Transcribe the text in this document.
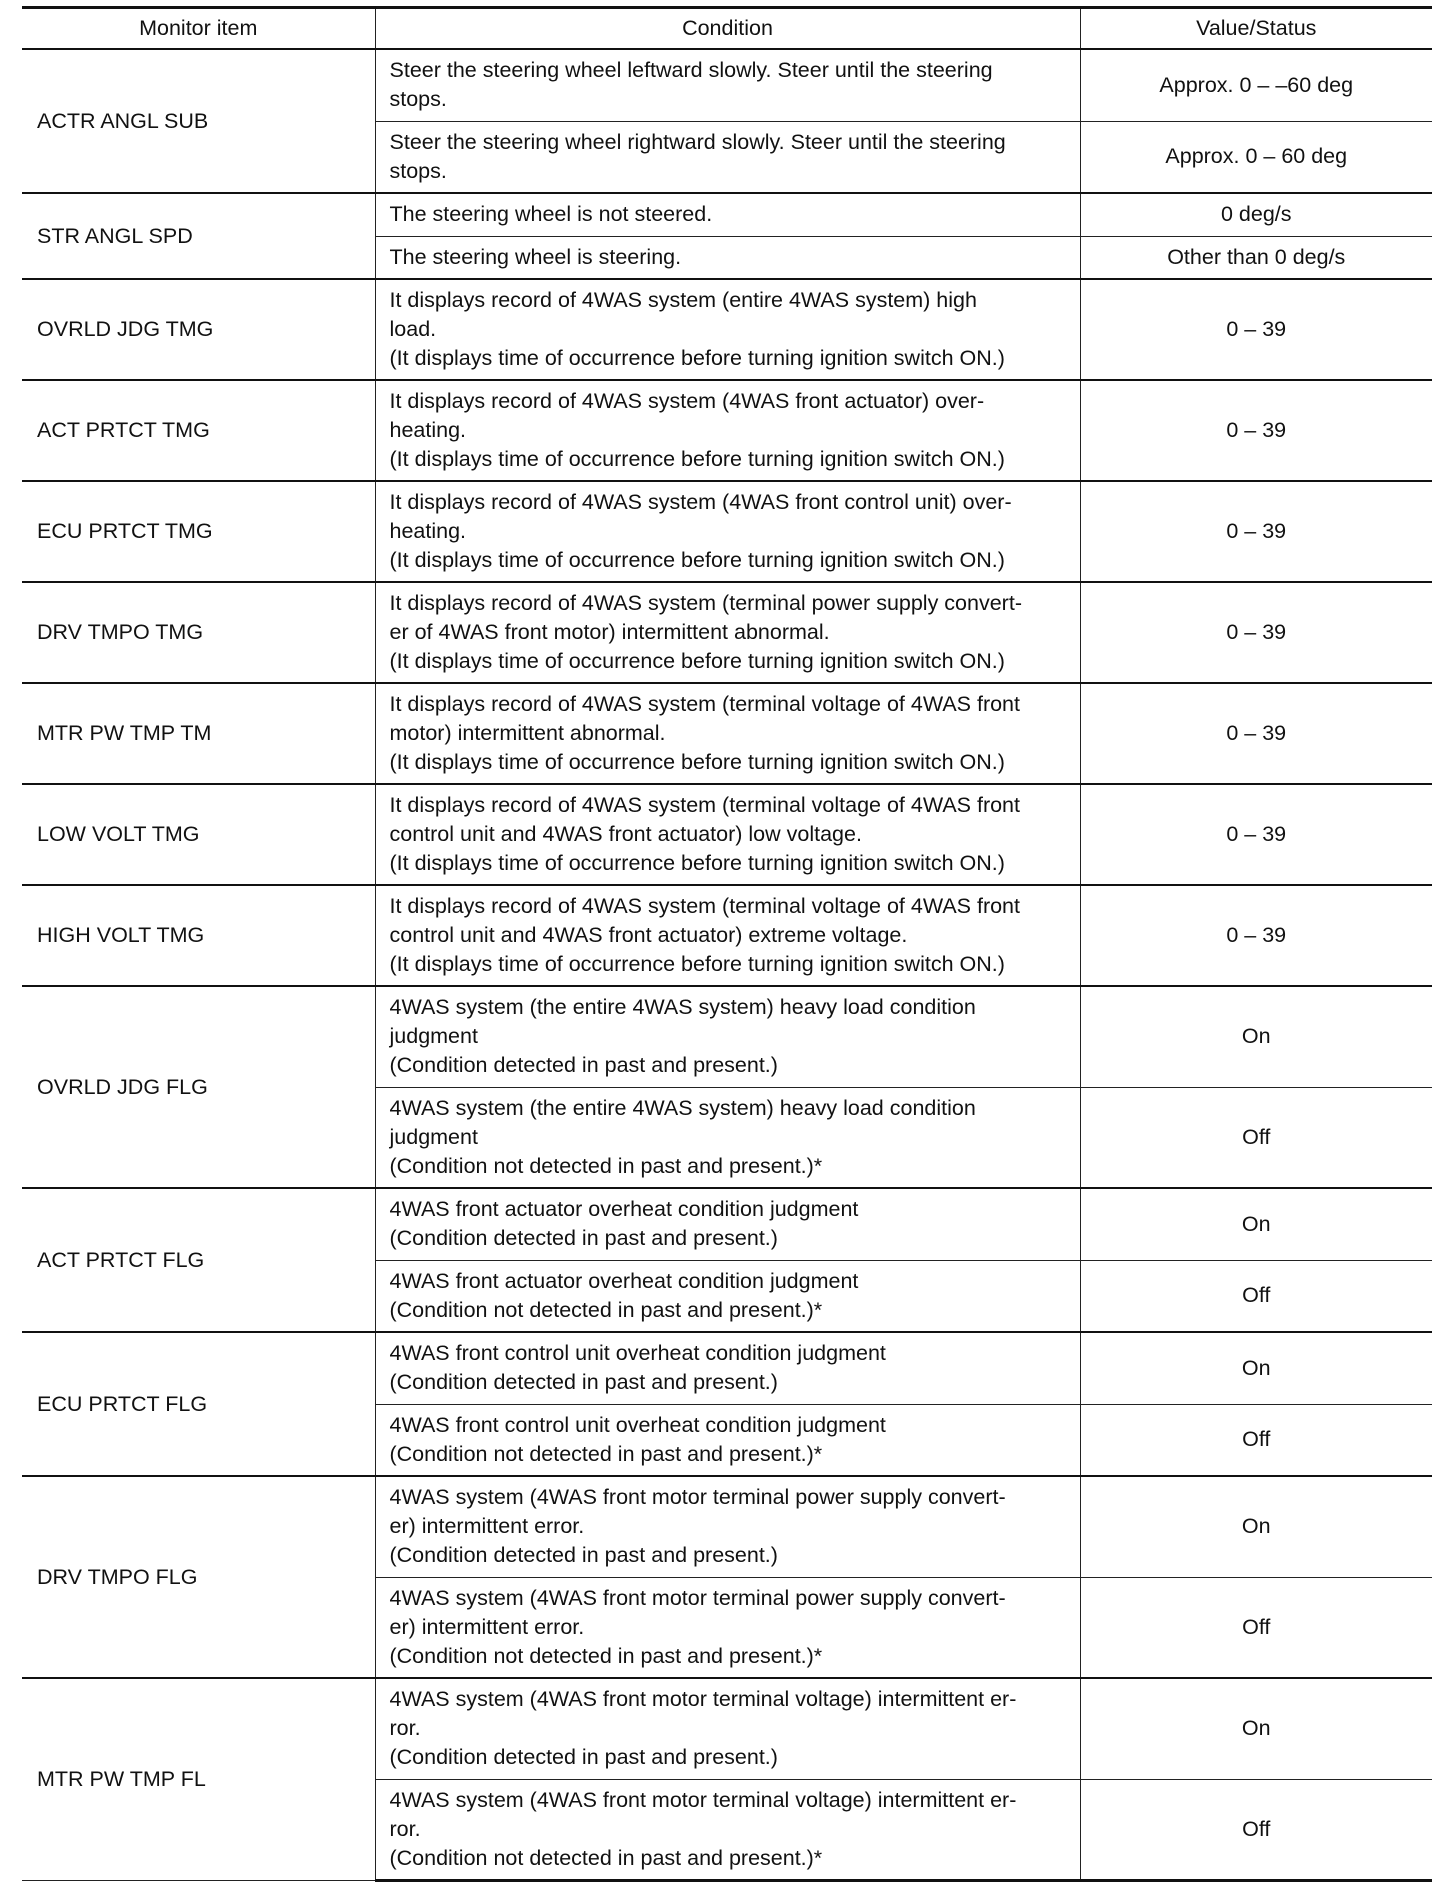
Monitor item	Condition	Value/Status
ACTR ANGL SUB	Steer the steering wheel leftward slowly. Steer until the steering
stops.	Approx. 0 – –60 deg

	Steer the steering wheel rightward slowly. Steer until the steering
stops.	Approx. 0 – 60 deg
STR ANGL SPD	The steering wheel is not steered.	0 deg/s

	The steering wheel is steering.	Other than 0 deg/s
OVRLD JDG TMG	It displays record of 4WAS system (entire 4WAS system) high
load.
(It displays time of occurrence before turning ignition switch ON.)	0 – 39
ACT PRTCT TMG	It displays record of 4WAS system (4WAS front actuator) over-
heating.
(It displays time of occurrence before turning ignition switch ON.)	0 – 39
ECU PRTCT TMG	It displays record of 4WAS system (4WAS front control unit) over-
heating.
(It displays time of occurrence before turning ignition switch ON.)	0 – 39
DRV TMPO TMG	It displays record of 4WAS system (terminal power supply convert-
er of 4WAS front motor) intermittent abnormal.
(It displays time of occurrence before turning ignition switch ON.)	0 – 39
MTR PW TMP TM	It displays record of 4WAS system (terminal voltage of 4WAS front
motor) intermittent abnormal.
(It displays time of occurrence before turning ignition switch ON.)	0 – 39
LOW VOLT TMG	It displays record of 4WAS system (terminal voltage of 4WAS front
control unit and 4WAS front actuator) low voltage.
(It displays time of occurrence before turning ignition switch ON.)	0 – 39
HIGH VOLT TMG	It displays record of 4WAS system (terminal voltage of 4WAS front
control unit and 4WAS front actuator) extreme voltage.
(It displays time of occurrence before turning ignition switch ON.)	0 – 39
OVRLD JDG FLG	4WAS system (the entire 4WAS system) heavy load condition
judgment
(Condition detected in past and present.)	On

	4WAS system (the entire 4WAS system) heavy load condition
judgment
(Condition not detected in past and present.)*	Off
ACT PRTCT FLG	4WAS front actuator overheat condition judgment
(Condition detected in past and present.)	On

	4WAS front actuator overheat condition judgment
(Condition not detected in past and present.)*	Off
ECU PRTCT FLG	4WAS front control unit overheat condition judgment
(Condition detected in past and present.)	On

	4WAS front control unit overheat condition judgment
(Condition not detected in past and present.)*	Off
DRV TMPO FLG	4WAS system (4WAS front motor terminal power supply convert-
er) intermittent error.
(Condition detected in past and present.)	On

	4WAS system (4WAS front motor terminal power supply convert-
er) intermittent error.
(Condition not detected in past and present.)*	Off
MTR PW TMP FL	4WAS system (4WAS front motor terminal voltage) intermittent er-
ror.
(Condition detected in past and present.)	On

	4WAS system (4WAS front motor terminal voltage) intermittent er-
ror.
(Condition not detected in past and present.)*	Off
